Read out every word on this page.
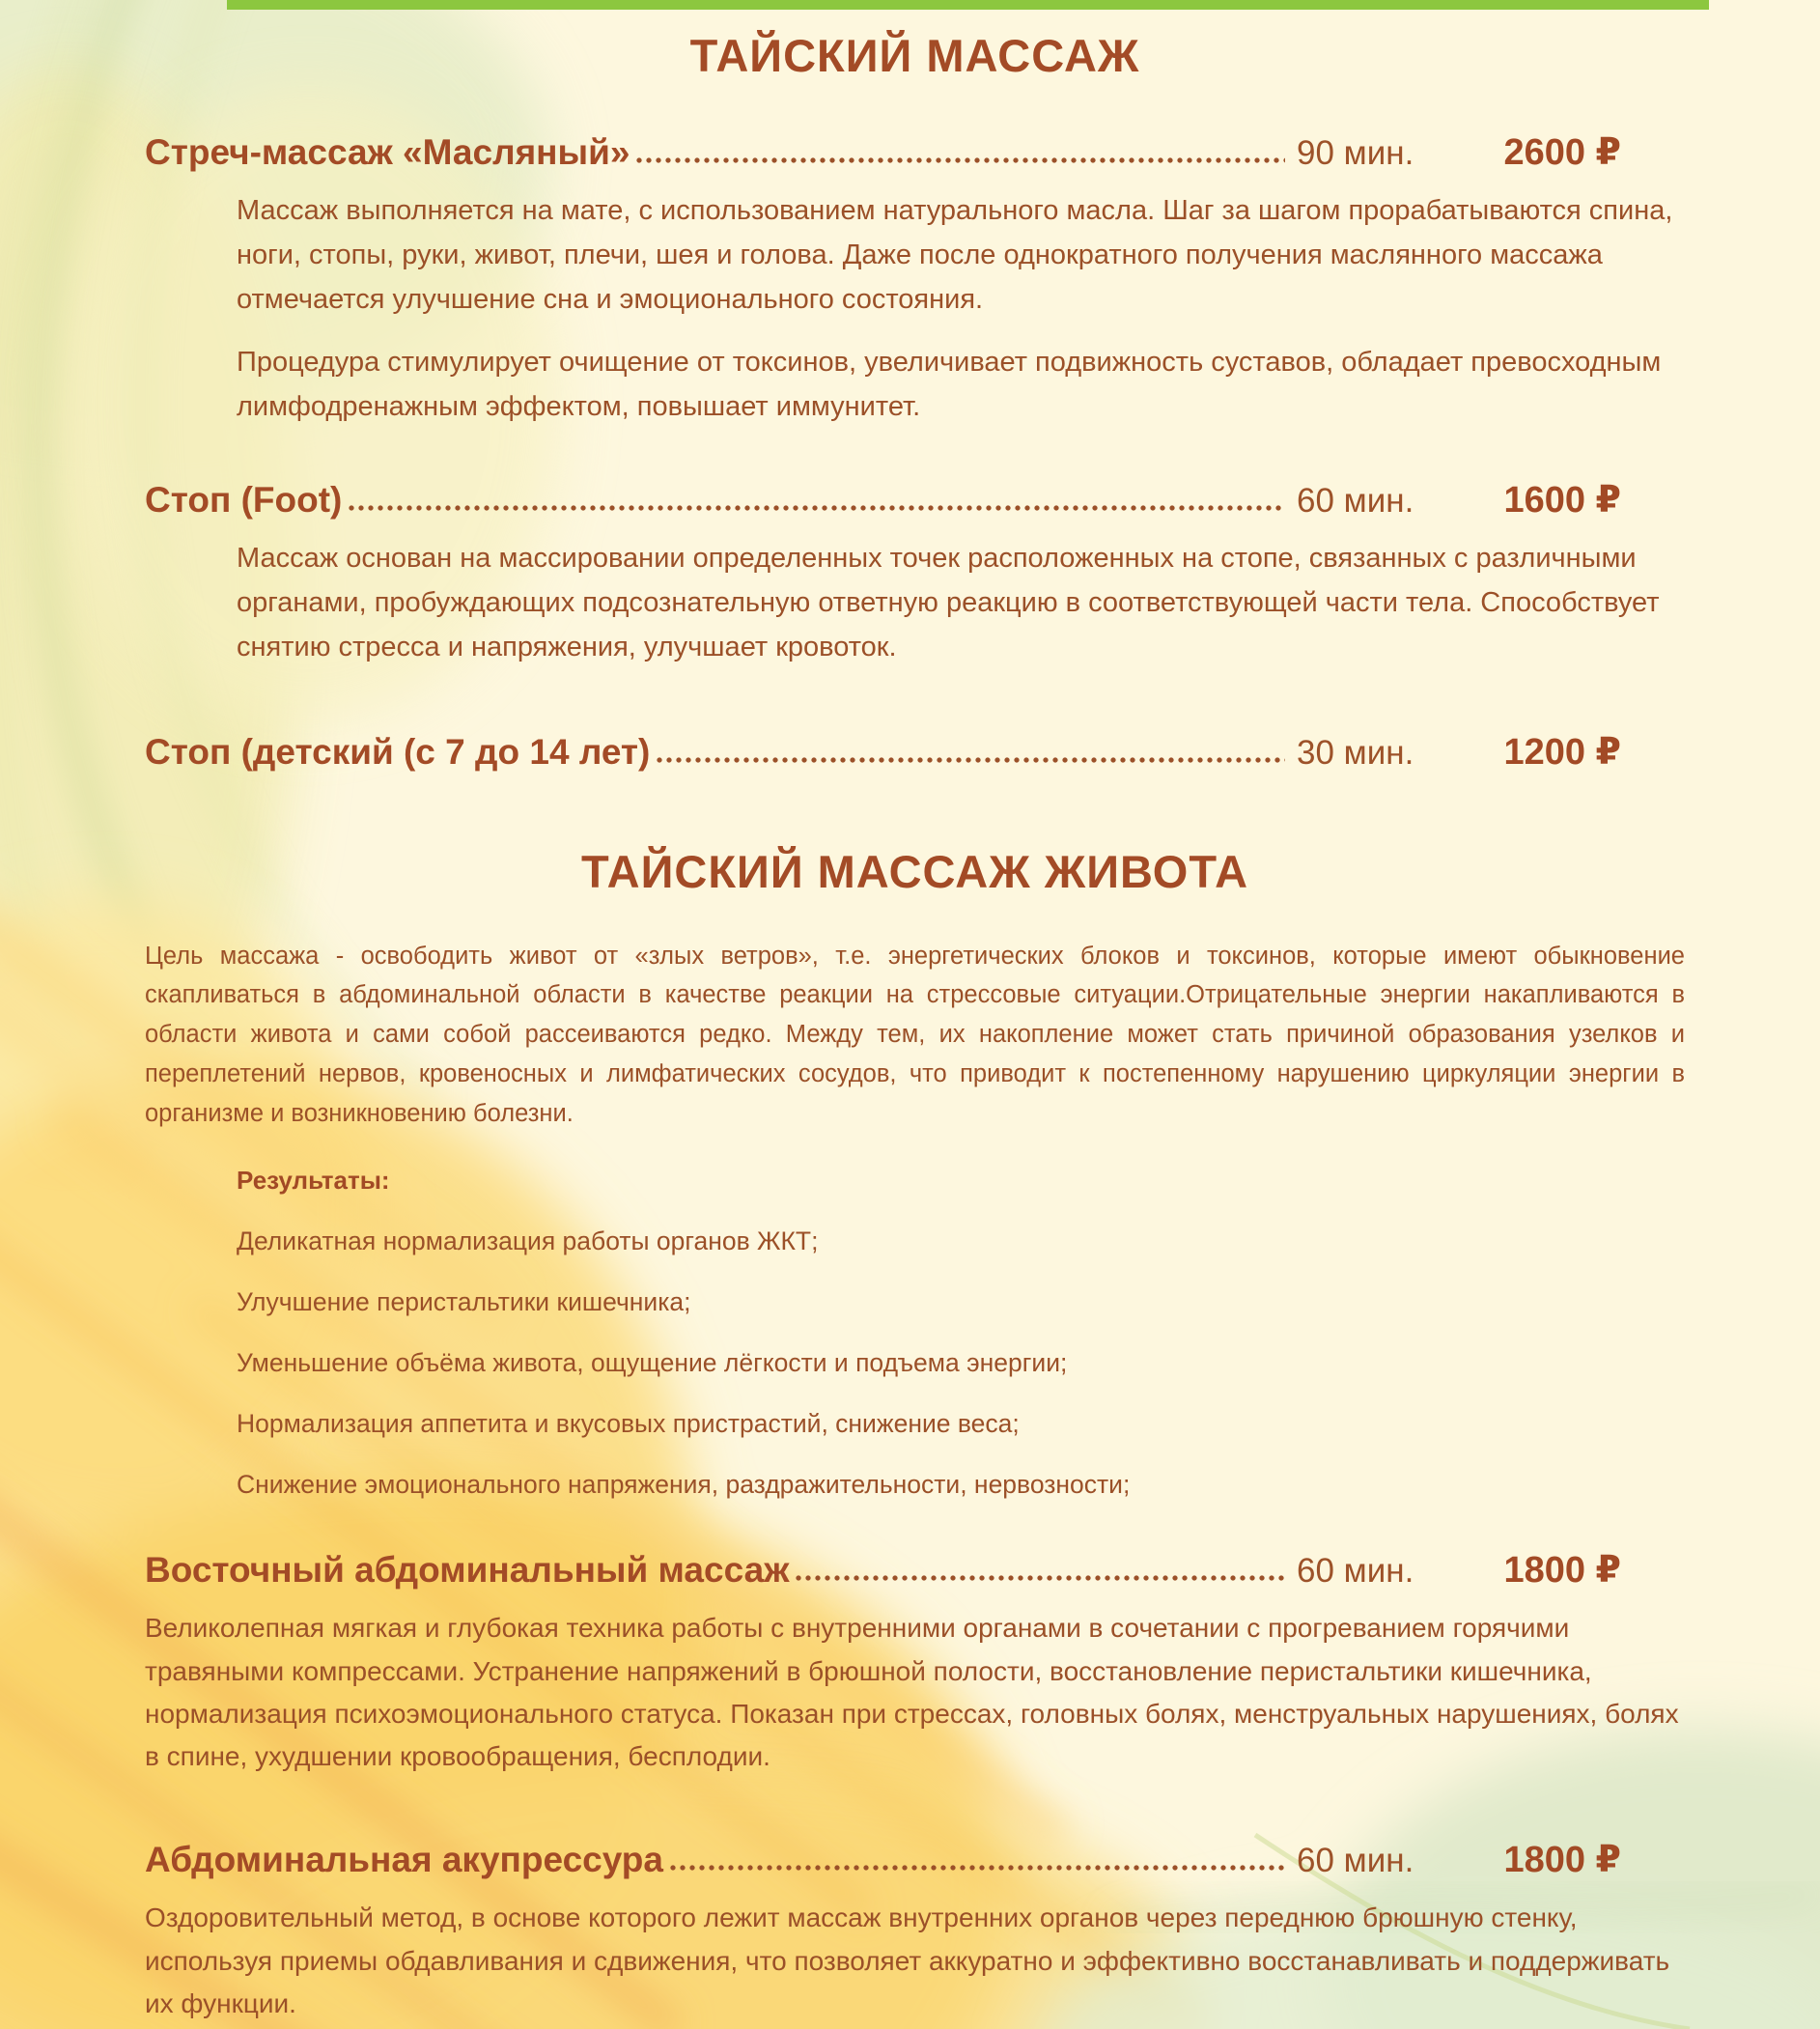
ТАЙСКИЙ МАССАЖ
Стреч-массаж «Масляный»	90 мин.	2600 ₽

Массаж выполняется на мате, с использованием натурального масла. Шаг за шагом прорабатываются спина, ноги, стопы, руки, живот, плечи, шея и голова. Даже после однократного получения маслянного массажа отмечается улучшение сна и эмоционального состояния.

Процедура стимулирует очищение от токсинов, увеличивает подвижность суставов, обладает превосходным лимфодренажным эффектом, повышает иммунитет.

Стоп (Foot)	60 мин.	1600 ₽

Массаж основан на массировании определенных точек расположенных на стопе, связанных с различными органами, пробуждающих подсознательную ответную реакцию в соответствующей части тела. Способствует снятию стресса и напряжения, улучшает кровоток.

Стоп (детский (с 7 до 14 лет)	30 мин.	1200 ₽
ТАЙСКИЙ МАССАЖ ЖИВОТА

Цель массажа - освободить живот от «злых ветров», т.е. энергетических блоков и токсинов, которые имеют обыкновение скапливаться в абдоминальной области в качестве реакции на стрессовые ситуации.Отрицательные энергии накапливаются в области живота и сами собой рассеиваются редко. Между тем, их накопление может стать причиной образования узелков и переплетений нервов, кровеносных и лимфатических сосудов, что приводит к постепенному нарушению циркуляции энергии в организме и возникновению болезни.

Результаты:

Деликатная нормализация работы органов ЖКТ;

Улучшение перистальтики кишечника;

Уменьшение объёма живота, ощущение лёгкости и подъема энергии;

Нормализация аппетита и вкусовых пристрастий, снижение веса;

Снижение эмоционального напряжения, раздражительности, нервозности;

Восточный абдоминальный массаж	60 мин.	1800 ₽

Великолепная мягкая и глубокая техника работы с внутренними органами в сочетании с прогреванием горячими травяными компрессами. Устранение напряжений в брюшной полости, восстановление перистальтики кишечника, нормализация психоэмоционального статуса. Показан при стрессах, головных болях, менструальных нарушениях, болях в спине, ухудшении кровообращения, бесплодии.

Абдоминальная акупрессура	60 мин.	1800 ₽

Оздоровительный метод, в основе которого лежит массаж внутренних органов через переднюю брюшную стенку, используя приемы обдавливания и сдвижения, что позволяет аккуратно и эффективно восстанавливать и поддерживать их функции.
